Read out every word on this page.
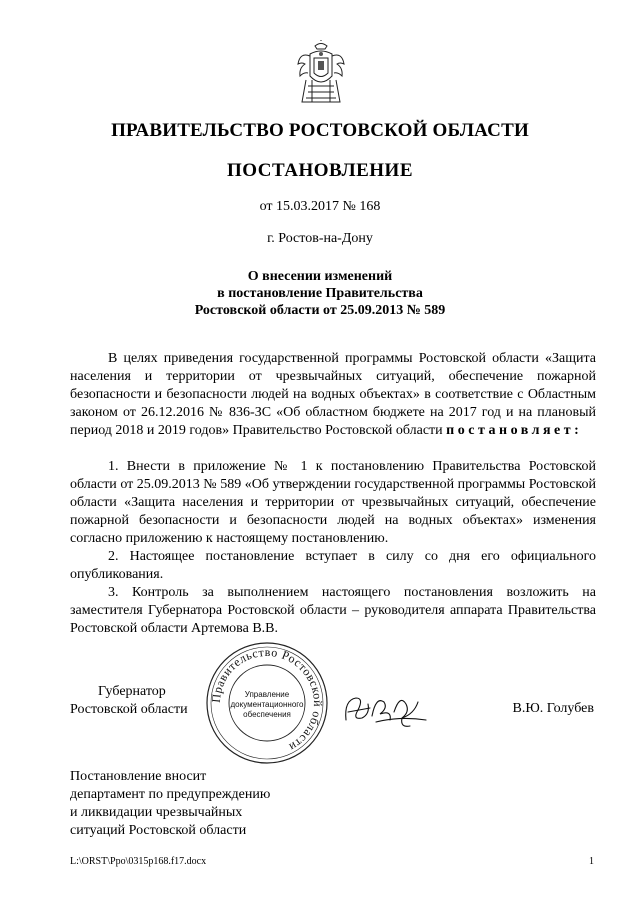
ПРАВИТЕЛЬСТВО РОСТОВСКОЙ ОБЛАСТИ
ПОСТАНОВЛЕНИЕ
от 15.03.2017 № 168
г. Ростов-на-Дону
О внесении изменений
в постановление Правительства
Ростовской области от 25.09.2013 № 589
В целях приведения государственной программы Ростовской области «Защита населения и территории от чрезвычайных ситуаций, обеспечение пожарной безопасности и безопасности людей на водных объектах» в соответствие с Областным законом от 26.12.2016 № 836-ЗС «Об областном бюджете на 2017 год и на плановый период 2018 и 2019 годов» Правительство Ростовской области постановляет:
1. Внести в приложение № 1 к постановлению Правительства Ростовской области от 25.09.2013 № 589 «Об утверждении государственной программы Ростовской области «Защита населения и территории от чрезвычайных ситуаций, обеспечение пожарной безопасности и безопасности людей на водных объектах» изменения согласно приложению к настоящему постановлению.
2. Настоящее постановление вступает в силу со дня его официального опубликования.
3. Контроль за выполнением настоящего постановления возложить на заместителя Губернатора Ростовской области – руководителя аппарата Правительства Ростовской области Артемова В.В.
Губернатор
Ростовской области
Правительство Ростовской области
Управление
документационного
обеспечения	В.Ю. Голубев
Постановление вносит
департамент по предупреждению
и ликвидации чрезвычайных
ситуаций Ростовской области
L:\ORST\Ppo\0315p168.f17.docx	1
